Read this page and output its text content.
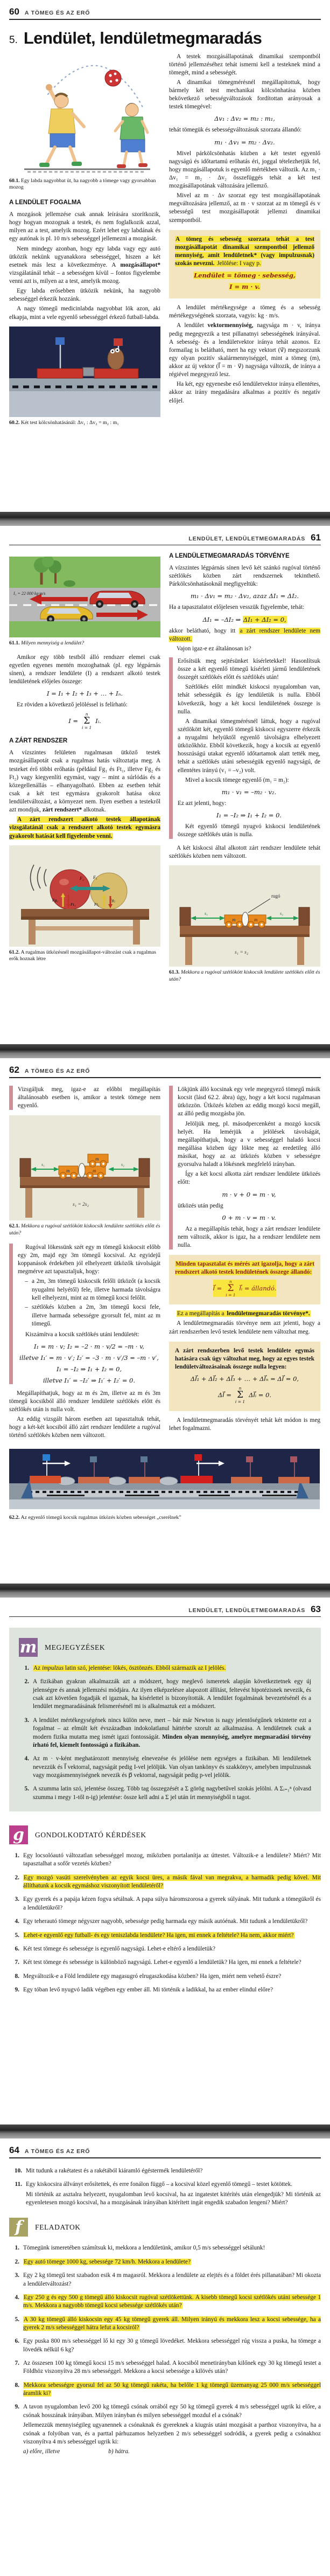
60 A TÖMEG ÉS AZ ERŐ
5. Lendület, lendületmegmaradás

60.1. Egy labda nagyobbat üt, ha nagyobb a tömege vagy gyorsabban mozog

A LENDÜLET FOGALMA

A mozgások jellemzése csak annak leírására szorítkozik, hogy hogyan mozognak a testek, és nem foglalkozik azzal, milyen az a test, amelyik mozog. Ezért lehet egy labdának és egy autónak is pl. 10 m/s sebességgel jellemezni a mozgását.

Nem mindegy azonban, hogy egy labda vagy egy autó ütközik nekünk ugyanakkora sebességgel, hiszen a két esetnek más lesz a következménye. A mozgásállapot* vizsgálatánál tehát – a sebességen kívül – fontos figyelembe venni azt is, milyen az a test, amelyik mozog.

Egy labda erősebben ütközik nekünk, ha nagyobb sebességgel érkezik hozzánk.

A nagy tömegű medicinlabda nagyobbat lök azon, aki elkapja, mint a vele egyenlő sebességgel érkező futball-labda.

60.2. Két test kölcsönhatásánál: Δv₁ : Δv₂ = m₂ : m₁

A testek mozgásállapotának dinamikai szempontból történő jellemzéséhez tehát ismerni kell a testeknek mind a tömegét, mind a sebességét.

A dinamikai tömegmérésnél megállapítottuk, hogy bármely két test mechanikai kölcsönhatása közben bekövetkező sebességváltozások fordítottan arányosak a testek tömegével:

Δv₁ : Δv₂ = m₂ : m₁,

tehát tömegük és sebességváltozásuk szorzata állandó:

m₁ · Δv₁ = m₂ · Δv₂.

Mivel párkölcsönhatás közben a két testet egyenlő nagyságú és időtartamú erőhatás éri, joggal tételezhetjük fel, hogy mozgásállapotuk is egyenlő mértékben változik. Az m₁ · Δv₁ = m₂ · Δv₂ összefüggés tehát a két test mozgásállapotának változására jellemző.

Mivel az m · Δv szorzat egy test mozgásállapotának megváltozására jellemző, az m · v szorzat az m tömegű és v sebességű test mozgásállapotát jellemzi dinamikai szempontból.

A tömeg és sebesség szorzata tehát a test mozgásállapotát dinamikai szempontból jellemző mennyiség, amit lendületnek* (vagy impulzusnak) szokás nevezni. Jelölése: I vagy p.

Lendület = tömeg · sebesség,

I = m · v.

A lendület mértékegysége a tömeg és a sebesség mértékegységének szorzata, vagyis: kg · m/s.

A lendület vektormennyiség, nagysága m · v, iránya pedig megegyezik a test pillanatnyi sebességének irányával. A sebesség- és a lendületvektor iránya tehát azonos. Ez formailag is belátható, mert ha egy vektort (v⃗) megszorzunk egy olyan pozitív skalármennyiséggel, mint a tömeg (m), akkor az új vektor (I⃗ = m · v⃗) nagysága változik, de iránya a régiével megegyező lesz.

Ha két, egy egyenesbe eső lendületvektor iránya ellentétes, akkor az irány megadására alkalmas a pozitív és negatív előjel.

LENDÜLET, LENDÜLETMEGMARADÁS 61
I₁ = 22 000 kg·m/s

61.1. Milyen mennyiség a lendület?

Amikor egy több testből álló rendszer elemei csak egyetlen egyenes mentén mozoghatnak (pl. egy légpárnás sínen), a rendszer lendülete (I) a rendszert alkotó testek lendületének előjeles összege:

I = I₁ + I₂ + I₃ + … + Iₙ.

Ez röviden a következő jelöléssel is felírható:

I =
n
Σ
i = 1
Iᵢ.
A ZÁRT RENDSZER

A vízszintes felületen rugalmasan ütköző testek mozgásállapotát csak a rugalmas hatás változtatja meg. A testeket érő többi erőhatás (például Fg₁ és Ft₁, illetve Fg₂ és Ft₂) vagy kiegyenlíti egymást, vagy – mint a súrlódás és a közegellenállás – elhanyagolható. Ebben az esetben tehát csak a két test egymásra gyakorolt hatása okoz lendületváltozást, a környezet nem. Ilyen esetben a testekről azt mondjuk, zárt rendszert* alkotnak.

A zárt rendszert alkotó testek állapotának vizsgálatánál csak a rendszert alkotó testek egymásra gyakorolt hatását kell figyelembe venni.

F₂ F₁
Fg₁
Ft₁
Fg₂
Ft₂

61.2. A rugalmas ütközésnél mozgásállapot-változást csak a rugalmas erők hoznak létre

A LENDÜLETMEGMARADÁS TÖRVÉNYE

A vízszintes légpárnás sínen levő két szánkó rugóval történő szétlökés közben zárt rendszernek tekinthető. Párkölcsönhatásoknál megfigyeltük:

m₁ · Δv₁ = m₂ · Δv₂, azaz ΔI₁ = ΔI₂.

Ha a tapasztalatot előjelesen vesszük figyelembe, tehát:

ΔI₁ = –ΔI₂ ⇒ ΔI₁ + ΔI₂ = 0,

akkor belátható, hogy itt a zárt rendszer lendülete nem változott.

Vajon igaz-e ez általánosan is?

Erősítsük meg sejtésünket kísérletekkel! Hasonlítsuk össze a két egyenlő tömegű kísérleti jármű lendületének összegét szétlökés előtt és szétlökés után!

Szétlökés előtt mindkét kiskocsi nyugalomban van, tehát sebességük és így lendületük is nulla. Ebből következik, hogy a két kocsi lendületének összege is nulla.

A dinamikai tömegmérésnél láttuk, hogy a rugóval szétlökött két, egyenlő tömegű kiskocsi egyszerre érkezik a nyugalmi helyüktől egyenlő távolságra elhelyezett ütközőkhöz. Ebből következik, hogy a kocsik az egyenlő hosszúságú utakat egyenlő időtartamok alatt tették meg, tehát a szétlökés utáni sebességük egyenlő nagyságú, de ellentétes irányú (v₁ = –v₂) volt.

Mivel a kocsik tömege egyenlő (m₁ = m₂):

m₁ · v₁ = –m₂ · v₂.

Ez azt jelenti, hogy:

I₁ = –I₂ ⇒ I₁ + I₂ = 0.

Két egyenlő tömegű nyugvó kiskocsi lendületének összege szétlökés után is nulla.

A két kiskocsi által alkotott zárt rendszer lendülete tehát szétlökés közben nem változott.

rugó
m	m
s₁	s₂
s₁ = s₂

61.3. Mekkora a rugóval szétlökött kiskocsik lendülete szétlökés előtt és után?

62 A TÖMEG ÉS AZ ERŐ

Vizsgáljuk meg, igaz-e az előbbi megállapítás általánosabb esetben is, amikor a testek tömege nem egyenlő.

m	m
m
s₁	s₂
s₁ = 2s₂

62.1. Mekkora a rugóval szétlökött kiskocsik lendülete szétlökés előtt és után?

Rugóval lökessünk szét egy m tömegű kiskocsit előbb egy 2m, majd egy 3m tömegű kocsival. Az egyidejű koppanások érdekében jól elhelyezett ütközők távolságát megmérve azt tapasztaljuk, hogy:

– a 2m, 3m tömegű kiskocsik felőli ütközőt (a kocsik nyugalmi helyétől) fele, illetve harmada távolságra kell elhelyezni, mint az m tömegű kocsi felőlit.
– szétlökés közben a 2m, 3m tömegű kocsi fele, illetve harmada sebességre gyorsult fel, mint az m tömegű.

Kiszámítva a kocsik szétlökés utáni lendületét:

I₁ = m · v; I₂ = –2 · m · v/2 = –m · v,

illetve I₁′ = m · v′; I₂′ = –3 · m · v′/3 = –m · v′,

I₁ = –I₂ ⇒ I₁ + I₂ = 0,

illetve I₁′ = –I₂′ ⇒ I₁′ + I₂′ = 0.

Megállapíthatjuk, hogy az m és 2m, illetve az m és 3m tömegű kocsikból álló rendszer lendülete szétlökés előtt és szétlökés után is nulla volt.

Az eddig vizsgált három esetben azt tapasztaltuk tehát, hogy a két-két kocsiból álló zárt rendszer lendülete a rugóval történő szétlökés közben nem változott.

Lökjünk álló kocsinak egy vele megegyező tömegű másik kocsit (lásd 62.2. ábra) úgy, hogy a két kocsi rugalmasan ütközzön. Ütközés közben az eddig mozgó kocsi megáll, az álló pedig mozgásba jön.

Jelöljük meg, pl. másodpercenként a mozgó kocsik helyét. Ha lemérjük a jelölések távolságát, megállapíthatjuk, hogy a v sebességgel haladó kocsi megállása közben úgy lökte meg az eredetileg álló másikat, hogy az az ütközés közben v sebességre gyorsulva haladt a lökésnek megfelelő irányban.

Így a két kocsi alkotta zárt rendszer lendülete ütközés előtt:

m · v + 0 = m · v,

ütközés után pedig

0 + m · v = m · v.

Az a megállapítás tehát, hogy a zárt rendszer lendülete nem változik, akkor is igaz, ha a rendszer lendülete nem nulla.

Minden tapasztalat és mérés azt igazolja, hogy a zárt rendszert alkotó testek lendületének összege állandó:

I⃗ =
n
Σ
i = 1
I⃗ᵢ = állandó.

Ez a megállapítás a lendületmegmaradás törvénye*.

A lendületmegmaradás törvénye nem azt jelenti, hogy a zárt rendszerben levő testek lendülete nem változhat meg.

A zárt rendszerben levő testek lendülete egymás hatására csak úgy változhat meg, hogy az egyes testek lendületváltozásainak összege nulla legyen:

ΔI⃗₁ + ΔI⃗₂ + ΔI⃗₃ + … + ΔI⃗ₙ = ΔI⃗ = 0,

ΔI⃗ =
n
Σ
i = 1
ΔI⃗ᵢ = 0.

A lendületmegmaradás törvényét tehát két módon is meg lehet fogalmazni.

62.2. Az egyenlő tömegű kocsik rugalmas ütközés közben sebességet „cserélnek”

LENDÜLET, LENDÜLETMEGMARADÁS 63
m MEGJEGYZÉSEK
1. Az impulzus latin szó, jelentése: lökés, ösztönzés. Ebből származik az I jelölés.
2. A fizikában gyakran alkalmazzák azt a módszert, hogy meglevő ismeretek alapján következtetnek egy új jelenségre és annak jellemzési módjára. Az ilyen elképzelésre alapozott állítást, feltevést hipotézisnek nevezik, és csak azt követően fogadják el igaznak, ha kísérlettel is bizonyították. A lendület fogalmának bevezetésénél és a lendület megmaradásának felismerésénél mi is alkalmaztuk ezt a módszert.
3. A lendület mértékegységének nincs külön neve, mert – bár már Newton is nagy jelentőségűnek tekintette ezt a fogalmat – az elmúlt két évszázadban indokolatlanul háttérbe szorult az alkalmazása. A lendületnek csak a modern fizika mutatta meg ismét igazi fontosságát. Minden olyan mennyiség, amelyre megmaradási törvény írható fel, kiemelt fontosságú a fizikában.
4. Az m · v-ként meghatározott mennyiség elnevezése és jelölése nem egységes a fizikában. Mi lendületnek nevezzük és I⃗ vektorral, nagyságát pedig I-vel jelöljük. Van olyan tankönyv és szakkönyv, amelyben impulzusnak vagy mozgásmennyiségnek nevezik és p⃗ vektorral, nagyságát pedig p-vel jelölik.
5. A szumma latin szó, jelentése összeg. Több tag összegzését a Σ görög nagybetűvel szokás jelölni. A Σᵢ₌₁ⁿ (olvasd szumma i megy 1-től n-ig) jelentése: össze kell adni a Σ jel után írt mennyiségből n tagot.
g	GONDOLKODTATÓ KÉRDÉSEK
1. Egy locsolóautó változatlan sebességgel mozog, miközben portalanítja az úttestet. Változik-e a lendülete? Miért? Mit tapasztalhat a sofőr vezetés közben?
2. Egy mozgó vasúti szerelvényben az egyik kocsi üres, a másik fával van megrakva, a harmadik pedig kővel. Mit állíthatunk a kocsik egymáshoz viszonyított lendületéről?
3. Egy gyerek és a papája kézen fogva sétálnak. A papa súlya háromszorosa a gyerek súlyának. Mit tudunk a tömegükről és a lendületükről?
4. Egy teherautó tömege négyszer nagyobb, sebessége pedig harmada egy másik autóénak. Mit tudunk a lendületükről?
5. Lehet-e egyenlő egy futball- és egy teniszlabda lendülete? Ha igen, mi ennek a feltétele? Ha nem, akkor miért?
6. Két test tömege és sebessége is egyenlő nagyságú. Lehet-e eltérő a lendületük?
7. Két test tömege és sebessége is különböző nagyságú. Lehet-e egyenlő a lendületük? Ha igen, mi ennek a feltétele?
8. Megváltozik-e a Föld lendülete egy magasugró elrugaszkodása közben? Ha igen, miért nem vehető észre?
9. Egy tóban levő nyugvó ladik végében egy ember áll. Mi történik a ladikkal, ha az ember elindul előre?
64 A TÖMEG ÉS AZ ERŐ
10. Mit tudunk a rakétatest és a rakétából kiáramló égéstermék lendületéről?
11. Egy kiskocsira állványt erősítettek, és erre fonálon függő – a kocsival közel egyenlő tömegű – testet kötöttek.
Mi történik az asztalra helyezett, nyugalomban levő kocsival, ha az ingatestet kitérítés után elengedjük? Mi történik az egyenletesen mozgó kocsival, ha a mozgásának irányában kitérített ingát engedik szabadon lengeni? Miért?
f	FELADATOK
1. Tömegünk ismeretében számítsuk ki, mekkora a lendületünk, amikor 0,5 m/s sebességgel sétálunk!
2. Egy autó tömege 1000 kg, sebessége 72 km/h. Mekkora a lendülete?
3. Egy 2 kg tömegű test szabadon esik 4 m magasról. Mekkora a lendülete az elejtés és a földet érés pillanatában? Mi okozta a lendületváltozást?
4. Egy 250 g és egy 500 g tömegű álló kiskocsit rugóval szétlökettünk. A kisebb tömegű kocsi szétlökés utáni sebessége 1 m/s. Mekkora a nagyobb tömegű kocsi sebessége szétlökés után?
5. A 30 kg tömegű álló kiskocsin egy 45 kg tömegű gyerek áll. Milyen irányú és mekkora lesz a kocsi sebessége, ha a gyerek 2 m/s sebességgel hátra lefut a kocsiról?
6. Egy puska 800 m/s sebességgel lő ki egy 30 g tömegű lövedéket. Mekkora sebességgel rúg vissza a puska, ha tömege a lövedék nélkül 6 kg?
7. Az összesen 100 kg tömegű kocsi 15 m/s sebességgel halad. A kocsiból menetirányban kilőnek egy 30 kg tömegű testet a Földhöz viszonyítva 28 m/s sebességgel. Mekkora a kocsi sebessége a kilövés után?
8. Mekkora sebességre gyorsul fel az 50 kg tömegű rakéta, ha belőle 1 kg tömegű üzemanyag 25 000 m/s sebességgel áramlik ki?
9. A tavon nyugalomban levő 200 kg tömegű csónak orrából egy 50 kg tömegű gyerek 4 m/s sebességgel ugrik ki előre, a csónak hosszának irányában. Milyen irányban és milyen sebességgel mozdul el a csónak?
Jellemezzük mennyiségileg ugyanennek a csónaknak és gyereknek a kiugrás utáni mozgását a parthoz viszonyítva, ha a csónak a folyóban van, és a parttal párhuzamos helyzetben 2 m/s sebességgel sodródik, a gyerek pedig a csónakhoz viszonyítva 4 m/s sebességgel ugrik ki:
a) előre, illetve	b) hátra.
